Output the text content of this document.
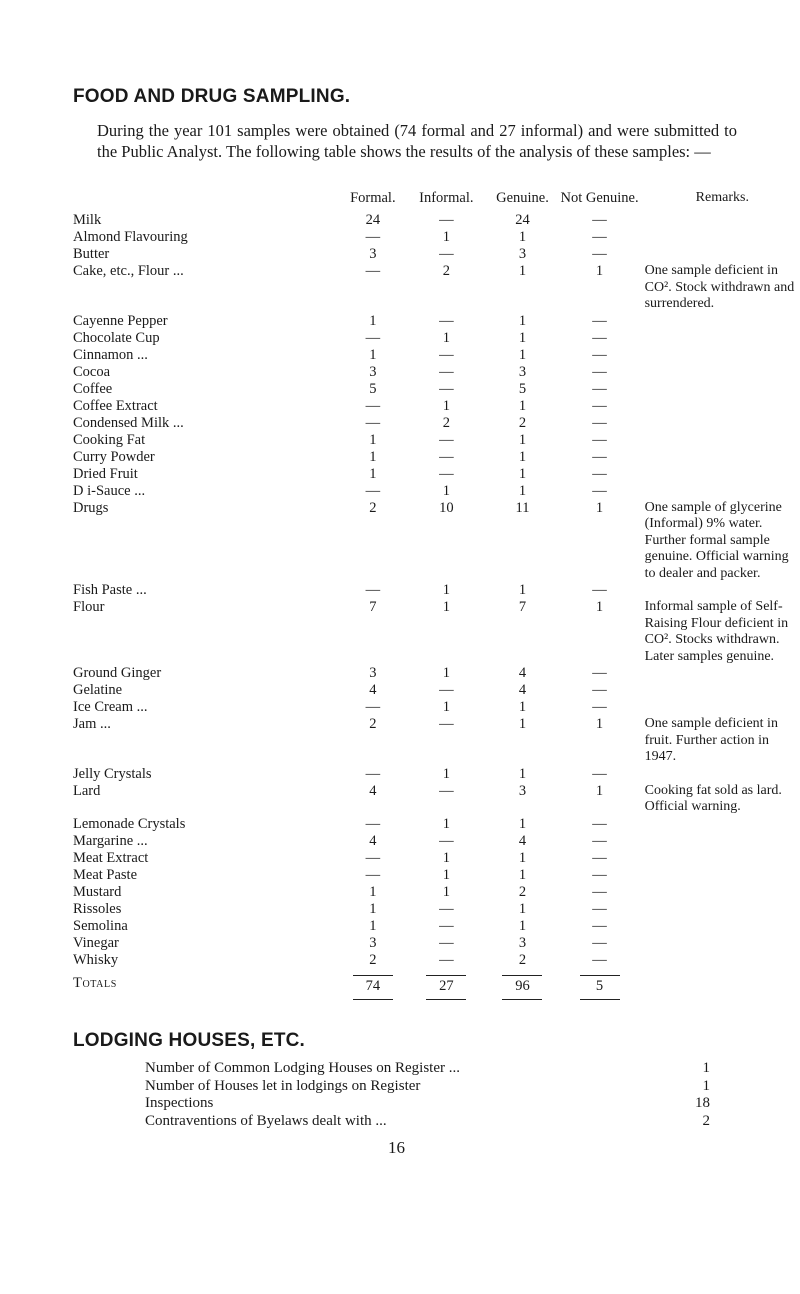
FOOD AND DRUG SAMPLING.

During the year 101 samples were obtained (74 formal and 27 informal) and were submitted to the Public Analyst. The following table shows the results of the analysis of these samples: —

	Formal.	Informal.	Genuine.	Not Genuine.	Remarks.
Milk	24	—	24	—	
Almond Flavouring	—	1	1	—	
Butter	3	—	3	—	
Cake, etc., Flour ...	—	2	1	1	One sample deficient in CO². Stock withdrawn and surrendered.
Cayenne Pepper	1	—	1	—	
Chocolate Cup	—	1	1	—	
Cinnamon ...	1	—	1	—	
Cocoa	3	—	3	—	
Coffee	5	—	5	—	
Coffee Extract	—	1	1	—	
Condensed Milk ...	—	2	2	—	
Cooking Fat	1	—	1	—	
Curry Powder	1	—	1	—	
Dried Fruit	1	—	1	—	
D i-Sauce ...	—	1	1	—	
Drugs	2	10	11	1	One sample of glycerine (Informal) 9% water. Further formal sample genuine. Official warning to dealer and packer.
Fish Paste ...	—	1	1	—	
Flour	7	1	7	1	Informal sample of Self-Raising Flour deficient in CO². Stocks withdrawn. Later samples genuine.
Ground Ginger	3	1	4	—	
Gelatine	4	—	4	—	
Ice Cream ...	—	1	1	—	
Jam ...	2	—	1	1	One sample deficient in fruit. Further action in 1947.
Jelly Crystals	—	1	1	—	
Lard	4	—	3	1	Cooking fat sold as lard. Official warning.
Lemonade Crystals	—	1	1	—	
Margarine ...	4	—	4	—	
Meat Extract	—	1	1	—	
Meat Paste	—	1	1	—	
Mustard	1	1	2	—	
Rissoles	1	—	1	—	
Semolina	1	—	1	—	
Vinegar	3	—	3	—	
Whisky	2	—	2	—	
Totals	74	27	96	5	
LODGING HOUSES, ETC.
Number of Common Lodging Houses on Register ...	1
Number of Houses let in lodgings on Register	1
Inspections	18
Contraventions of Byelaws dealt with ...	2
16
